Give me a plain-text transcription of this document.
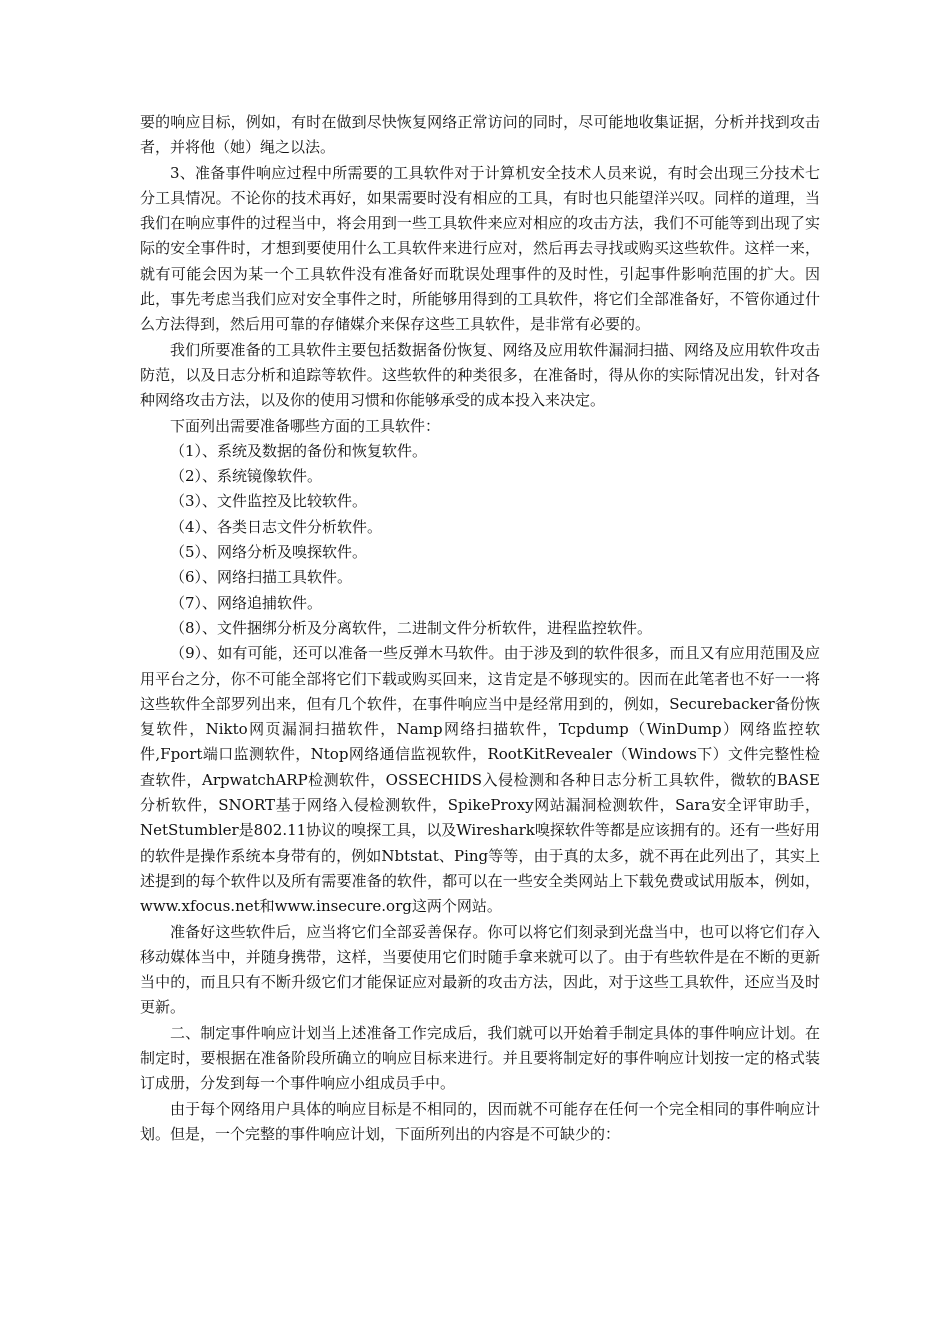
要的响应目标，例如，有时在做到尽快恢复网络正常访问的同时，尽可能地收集证据，分析并找到攻击者，并将他（她）绳之以法。

3、准备事件响应过程中所需要的工具软件对于计算机安全技术人员来说，有时会出现三分技术七分工具情况。不论你的技术再好，如果需要时没有相应的工具，有时也只能望洋兴叹。同样的道理，当我们在响应事件的过程当中，将会用到一些工具软件来应对相应的攻击方法，我们不可能等到出现了实际的安全事件时，才想到要使用什么工具软件来进行应对，然后再去寻找或购买这些软件。这样一来，就有可能会因为某一个工具软件没有准备好而耽误处理事件的及时性，引起事件影响范围的扩大。因此，事先考虑当我们应对安全事件之时，所能够用得到的工具软件，将它们全部准备好，不管你通过什么方法得到，然后用可靠的存储媒介来保存这些工具软件，是非常有必要的。

我们所要准备的工具软件主要包括数据备份恢复、网络及应用软件漏洞扫描、网络及应用软件攻击防范，以及日志分析和追踪等软件。这些软件的种类很多，在准备时，得从你的实际情况出发，针对各种网络攻击方法，以及你的使用习惯和你能够承受的成本投入来决定。

下面列出需要准备哪些方面的工具软件：

（1）、系统及数据的备份和恢复软件。

（2）、系统镜像软件。

（3）、文件监控及比较软件。

（4）、各类日志文件分析软件。

（5）、网络分析及嗅探软件。

（6）、网络扫描工具软件。

（7）、网络追捕软件。

（8）、文件捆绑分析及分离软件，二进制文件分析软件，进程监控软件。

（9）、如有可能，还可以准备一些反弹木马软件。由于涉及到的软件很多，而且又有应用范围及应用平台之分，你不可能全部将它们下载或购买回来，这肯定是不够现实的。因而在此笔者也不好一一将这些软件全部罗列出来，但有几个软件，在事件响应当中是经常用到的，例如，Securebacker备份恢复软件，Nikto网页漏洞扫描软件，Namp网络扫描软件，Tcpdump（WinDump）网络监控软件,Fport端口监测软件，Ntop网络通信监视软件，RootKitRevealer（Windows下）文件完整性检查软件，ArpwatchARP检测软件，OSSECHIDS入侵检测和各种日志分析工具软件，微软的BASE分析软件，SNORT基于网络入侵检测软件，SpikeProxy网站漏洞检测软件，Sara安全评审助手，NetStumbler是802.11协议的嗅探工具，以及Wireshark嗅探软件等都是应该拥有的。还有一些好用的软件是操作系统本身带有的，例如Nbtstat、Ping等等，由于真的太多，就不再在此列出了，其实上述提到的每个软件以及所有需要准备的软件，都可以在一些安全类网站上下载免费或试用版本，例如，www.xfocus.net和www.insecure.org这两个网站。

准备好这些软件后，应当将它们全部妥善保存。你可以将它们刻录到光盘当中，也可以将它们存入移动媒体当中，并随身携带，这样，当要使用它们时随手拿来就可以了。由于有些软件是在不断的更新当中的，而且只有不断升级它们才能保证应对最新的攻击方法，因此，对于这些工具软件，还应当及时更新。

二、制定事件响应计划当上述准备工作完成后，我们就可以开始着手制定具体的事件响应计划。在制定时，要根据在准备阶段所确立的响应目标来进行。并且要将制定好的事件响应计划按一定的格式装订成册，分发到每一个事件响应小组成员手中。

由于每个网络用户具体的响应目标是不相同的，因而就不可能存在任何一个完全相同的事件响应计划。但是，一个完整的事件响应计划，下面所列出的内容是不可缺少的：
